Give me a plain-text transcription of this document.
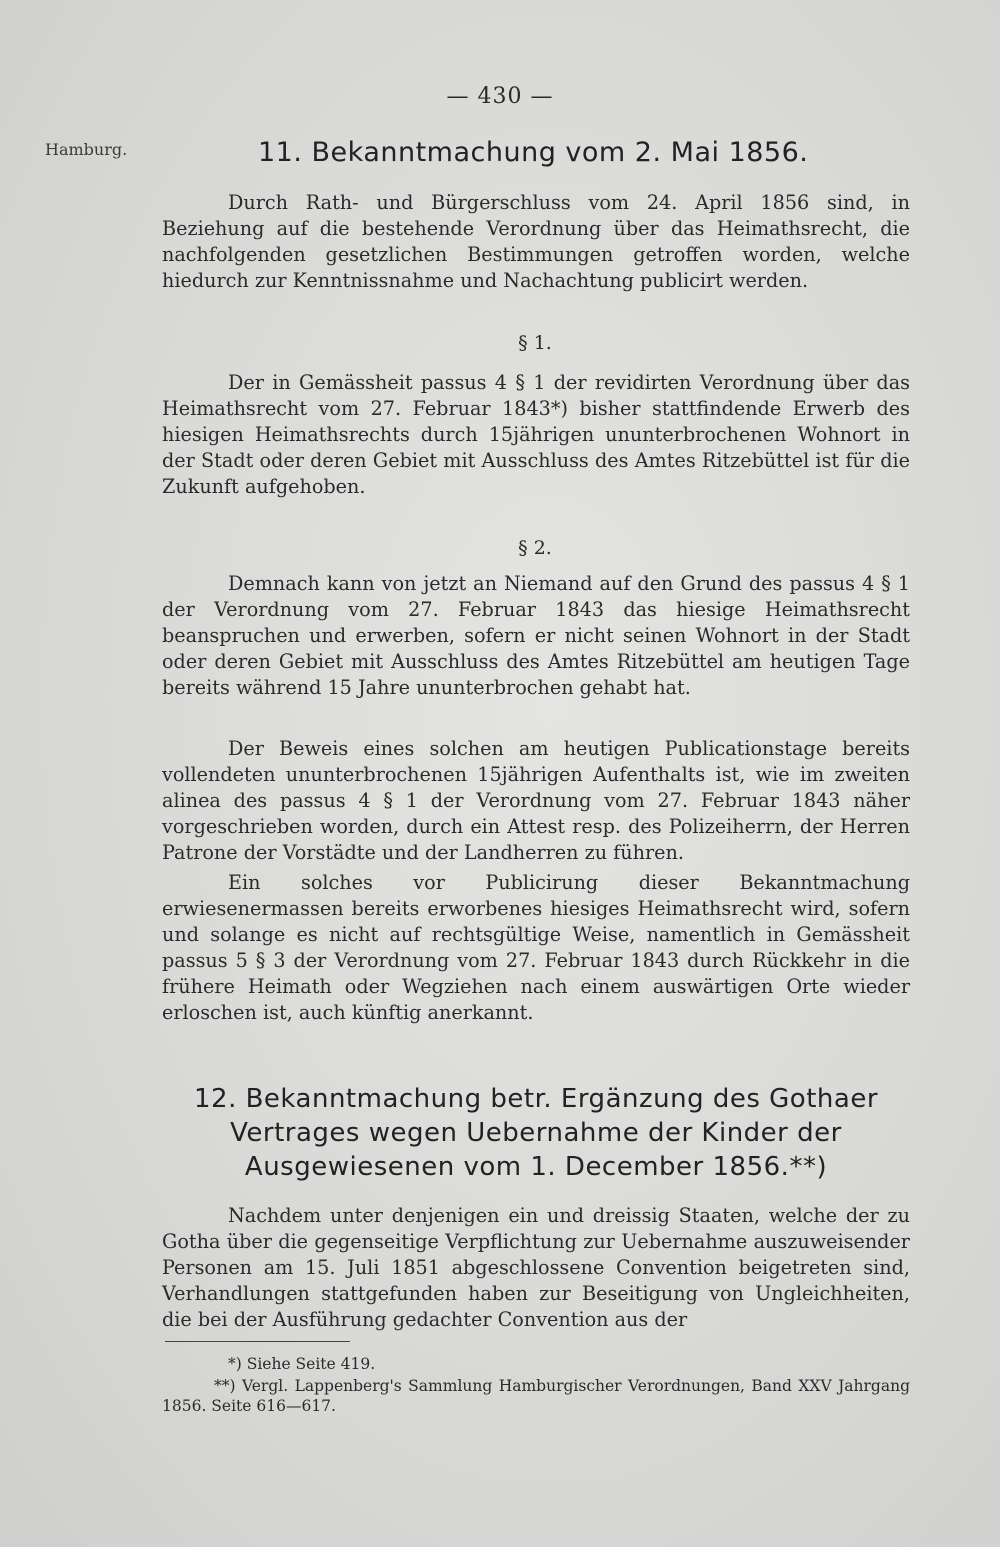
— 430 —
Hamburg.	11. Bekanntmachung vom 2. Mai 1856.

Durch Rath- und Bürgerschluss vom 24. April 1856 sind, in Beziehung auf die bestehende Verordnung über das Heimathsrecht, die nachfolgenden gesetzlichen Bestimmungen getroffen worden, welche hiedurch zur Kenntnissnahme und Nachachtung publicirt werden.

§ 1.

Der in Gemässheit passus 4 § 1 der revidirten Verordnung über das Heimathsrecht vom 27. Februar 1843*) bisher stattfindende Erwerb des hiesigen Heimathsrechts durch 15jährigen ununterbrochenen Wohnort in der Stadt oder deren Gebiet mit Ausschluss des Amtes Ritzebüttel ist für die Zukunft aufgehoben.

§ 2.

Demnach kann von jetzt an Niemand auf den Grund des passus 4 § 1 der Verordnung vom 27. Februar 1843 das hiesige Heimathsrecht beanspruchen und erwerben, sofern er nicht seinen Wohnort in der Stadt oder deren Gebiet mit Ausschluss des Amtes Ritzebüttel am heutigen Tage bereits während 15 Jahre ununterbrochen gehabt hat.

Der Beweis eines solchen am heutigen Publicationstage bereits vollendeten ununterbrochenen 15jährigen Aufenthalts ist, wie im zweiten alinea des passus 4 § 1 der Verordnung vom 27. Februar 1843 näher vorgeschrieben worden, durch ein Attest resp. des Polizeiherrn, der Herren Patrone der Vorstädte und der Landherren zu führen.

Ein solches vor Publicirung dieser Bekanntmachung erwiesenermassen bereits erworbenes hiesiges Heimathsrecht wird, sofern und solange es nicht auf rechtsgültige Weise, namentlich in Gemässheit passus 5 § 3 der Verordnung vom 27. Februar 1843 durch Rückkehr in die frühere Heimath oder Wegziehen nach einem auswärtigen Orte wieder erloschen ist, auch künftig anerkannt.

12. Bekanntmachung betr. Ergänzung des Gothaer Vertrages wegen Uebernahme der Kinder der Ausgewiesenen vom 1. December 1856.**)

Nachdem unter denjenigen ein und dreissig Staaten, welche der zu Gotha über die gegenseitige Verpflichtung zur Uebernahme auszuweisender Personen am 15. Juli 1851 abgeschlossene Convention beigetreten sind, Verhandlungen stattgefunden haben zur Beseitigung von Ungleichheiten, die bei der Ausführung gedachter Convention aus der

*) Siehe Seite 419.

**) Vergl. Lappenberg's Sammlung Hamburgischer Verordnungen, Band XXV Jahrgang 1856. Seite 616—617.
